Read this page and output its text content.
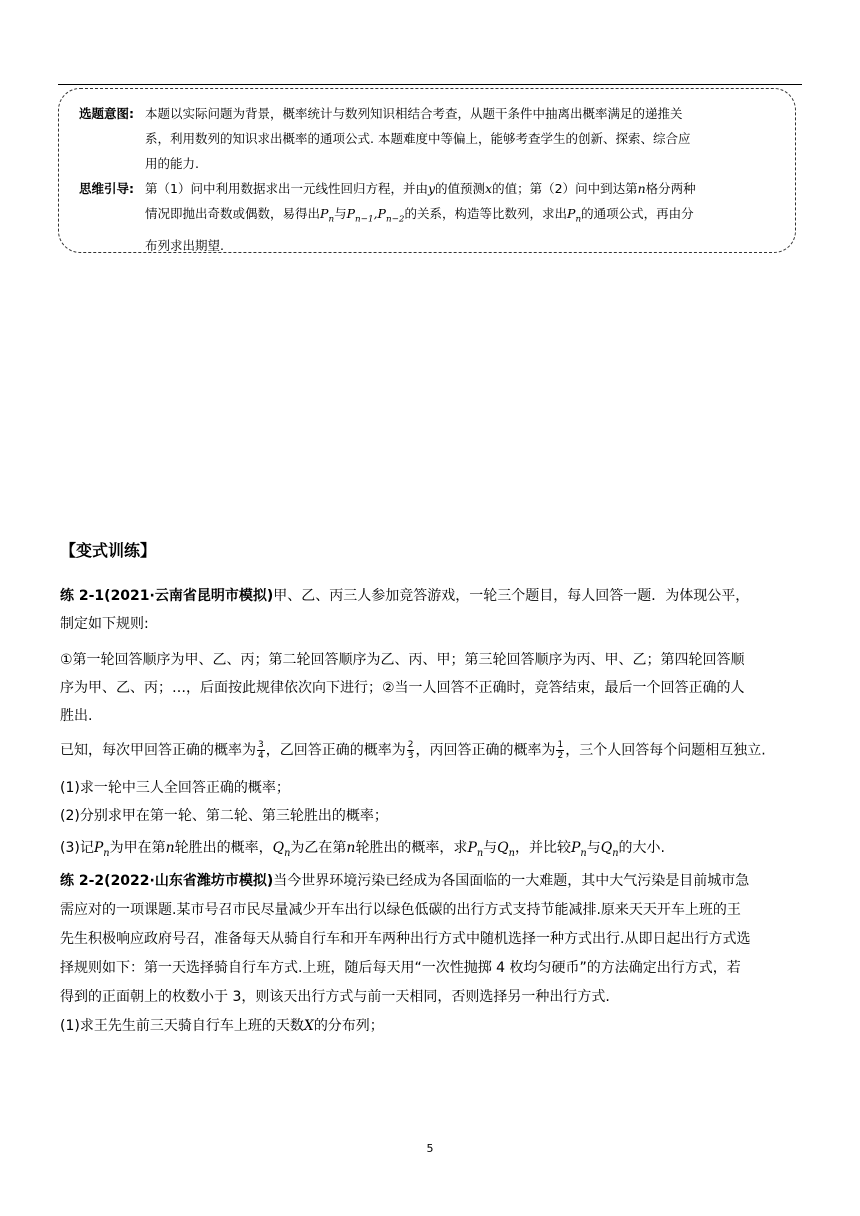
选题意图: 本题以实际问题为背景，概率统计与数列知识相结合考查，从题干条件中抽离出概率满足的递推关
系，利用数列的知识求出概率的通项公式. 本题难度中等偏上，能够考查学生的创新、探索、综合应
用的能力.
思维引导: 第（1）问中利用数据求出一元线性回归方程，并由y的值预测x的值；第（2）问中到达第n格分两种
情况即抛出奇数或偶数，易得出$P_n$与$P_{n-1},P_{n-2}$的关系，构造等比数列，求出$P_n$的通项公式，再由分
布列求出期望.
【变式训练】
练 2-1(2021·云南省昆明市模拟)甲、乙、丙三人参加竞答游戏，一轮三个题目，每人回答一题．为体现公平，
制定如下规则:
①第一轮回答顺序为甲、乙、丙；第二轮回答顺序为乙、丙、甲；第三轮回答顺序为丙、甲、乙；第四轮回答顺
序为甲、乙、丙；…，后面按此规律依次向下进行；②当一人回答不正确时，竞答结束，最后一个回答正确的人
胜出.
已知，每次甲回答正确的概率为 $\frac{3}{4}$ ，乙回答正确的概率为 $\frac{2}{3}$ ，丙回答正确的概率为 $\frac{1}{2}$ ，三个人回答每个问题相互独立.
(1)求一轮中三人全回答正确的概率；
(2)分别求甲在第一轮、第二轮、第三轮胜出的概率；
(3)记$P_n$为甲在第n轮胜出的概率，$Q_n$为乙在第n轮胜出的概率，求$P_n$与$Q_n$，并比较$P_n$与$Q_n$的大小.
练 2-2(2022·山东省潍坊市模拟)当今世界环境污染已经成为各国面临的一大难题，其中大气污染是目前城市急
需应对的一项课题.某市号召市民尽量减少开车出行以绿色低碳的出行方式支持节能减排.原来天天开车上班的王
先生积极响应政府号召，准备每天从骑自行车和开车两种出行方式中随机选择一种方式出行.从即日起出行方式选
择规则如下：第一天选择骑自行车方式.上班，随后每天用“一次性抛掷 4 枚均匀硬币”的方法确定出行方式，若
得到的正面朝上的枚数小于 3，则该天出行方式与前一天相同，否则选择另一种出行方式.
(1)求王先生前三天骑自行车上班的天数X的分布列；
5
